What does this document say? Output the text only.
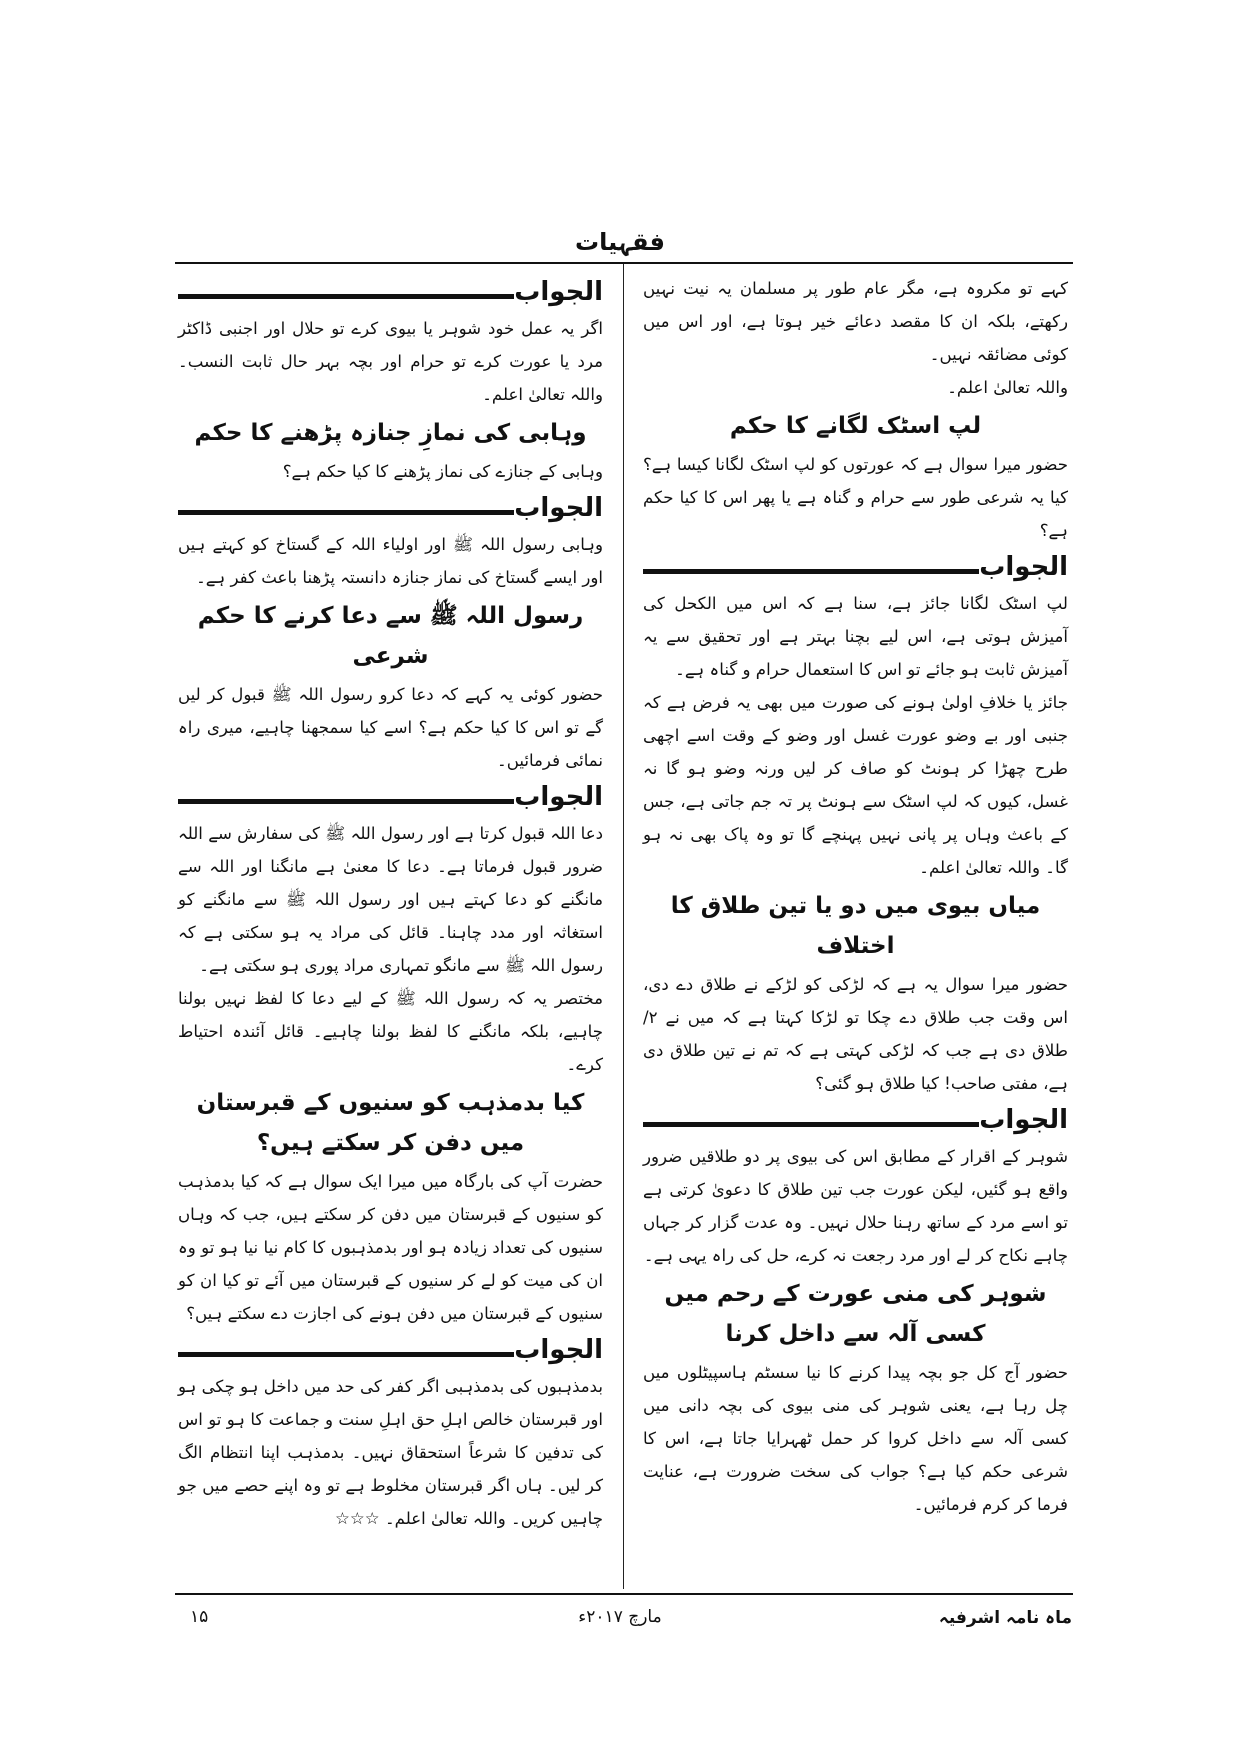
فقہیات

کہے تو مکروہ ہے، مگر عام طور پر مسلمان یہ نیت نہیں رکھتے، بلکہ ان کا مقصد دعائے خیر ہوتا ہے، اور اس میں کوئی مضائقہ نہیں۔

واللہ تعالیٰ اعلم۔

لپ اسٹک لگانے کا حکم

حضور میرا سوال ہے کہ عورتوں کو لپ اسٹک لگانا کیسا ہے؟ کیا یہ شرعی طور سے حرام و گناہ ہے یا پھر اس کا کیا حکم ہے؟

الجواب

لپ اسٹک لگانا جائز ہے، سنا ہے کہ اس میں الکحل کی آمیزش ہوتی ہے، اس لیے بچنا بہتر ہے اور تحقیق سے یہ آمیزش ثابت ہو جائے تو اس کا استعمال حرام و گناہ ہے۔

جائز یا خلافِ اولیٰ ہونے کی صورت میں بھی یہ فرض ہے کہ جنبی اور بے وضو عورت غسل اور وضو کے وقت اسے اچھی طرح چھڑا کر ہونٹ کو صاف کر لیں ورنہ وضو ہو گا نہ غسل، کیوں کہ لپ اسٹک سے ہونٹ پر تہ جم جاتی ہے، جس کے باعث وہاں پر پانی نہیں پہنچے گا تو وہ پاک بھی نہ ہو گا۔ واللہ تعالیٰ اعلم۔

میاں بیوی میں دو یا تین طلاق کا اختلاف

حضور میرا سوال یہ ہے کہ لڑکی کو لڑکے نے طلاق دے دی، اس وقت جب طلاق دے چکا تو لڑکا کہتا ہے کہ میں نے ۲/ طلاق دی ہے جب کہ لڑکی کہتی ہے کہ تم نے تین طلاق دی ہے، مفتی صاحب! کیا طلاق ہو گئی؟

الجواب

شوہر کے اقرار کے مطابق اس کی بیوی پر دو طلاقیں ضرور واقع ہو گئیں، لیکن عورت جب تین طلاق کا دعویٰ کرتی ہے تو اسے مرد کے ساتھ رہنا حلال نہیں۔ وہ عدت گزار کر جہاں چاہے نکاح کر لے اور مرد رجعت نہ کرے، حل کی راہ یہی ہے۔

شوہر کی منی عورت کے رحم میں کسی آلہ سے داخل کرنا

حضور آج کل جو بچہ پیدا کرنے کا نیا سسٹم ہاسپیٹلوں میں چل رہا ہے، یعنی شوہر کی منی بیوی کی بچہ دانی میں کسی آلہ سے داخل کروا کر حمل ٹھہرایا جاتا ہے، اس کا شرعی حکم کیا ہے؟ جواب کی سخت ضرورت ہے، عنایت فرما کر کرم فرمائیں۔

الجواب

اگر یہ عمل خود شوہر یا بیوی کرے تو حلال اور اجنبی ڈاکٹر مرد یا عورت کرے تو حرام اور بچہ بہر حال ثابت النسب۔ واللہ تعالیٰ اعلم۔

وہابی کی نمازِ جنازہ پڑھنے کا حکم

وہابی کے جنازے کی نماز پڑھنے کا کیا حکم ہے؟

الجواب

وہابی رسول اللہ ﷺ اور اولیاء اللہ کے گستاخ کو کہتے ہیں اور ایسے گستاخ کی نماز جنازہ دانستہ پڑھنا باعث کفر ہے۔

رسول اللہ ﷺ سے دعا کرنے کا حکم شرعی

حضور کوئی یہ کہے کہ دعا کرو رسول اللہ ﷺ قبول کر لیں گے تو اس کا کیا حکم ہے؟ اسے کیا سمجھنا چاہیے، میری راہ نمائی فرمائیں۔

الجواب

دعا اللہ قبول کرتا ہے اور رسول اللہ ﷺ کی سفارش سے اللہ ضرور قبول فرماتا ہے۔ دعا کا معنیٰ ہے مانگنا اور اللہ سے مانگنے کو دعا کہتے ہیں اور رسول اللہ ﷺ سے مانگنے کو استغاثہ اور مدد چاہنا۔ قائل کی مراد یہ ہو سکتی ہے کہ رسول اللہ ﷺ سے مانگو تمہاری مراد پوری ہو سکتی ہے۔

مختصر یہ کہ رسول اللہ ﷺ کے لیے دعا کا لفظ نہیں بولنا چاہیے، بلکہ مانگنے کا لفظ بولنا چاہیے۔ قائل آئندہ احتیاط کرے۔

کیا بدمذہب کو سنیوں کے قبرستان میں دفن کر سکتے ہیں؟

حضرت آپ کی بارگاہ میں میرا ایک سوال ہے کہ کیا بدمذہب کو سنیوں کے قبرستان میں دفن کر سکتے ہیں، جب کہ وہاں سنیوں کی تعداد زیادہ ہو اور بدمذہبوں کا کام نیا نیا ہو تو وہ ان کی میت کو لے کر سنیوں کے قبرستان میں آئے تو کیا ان کو سنیوں کے قبرستان میں دفن ہونے کی اجازت دے سکتے ہیں؟

الجواب

بدمذہبوں کی بدمذہبی اگر کفر کی حد میں داخل ہو چکی ہو اور قبرستان خالص اہلِ حق اہلِ سنت و جماعت کا ہو تو اس کی تدفین کا شرعاً استحقاق نہیں۔ بدمذہب اپنا انتظام الگ کر لیں۔ ہاں اگر قبرستان مخلوط ہے تو وہ اپنے حصے میں جو چاہیں کریں۔ واللہ تعالیٰ اعلم۔ ☆☆☆

ماہ نامہ اشرفیہ
مارچ ۲۰۱۷ء
۱۵
